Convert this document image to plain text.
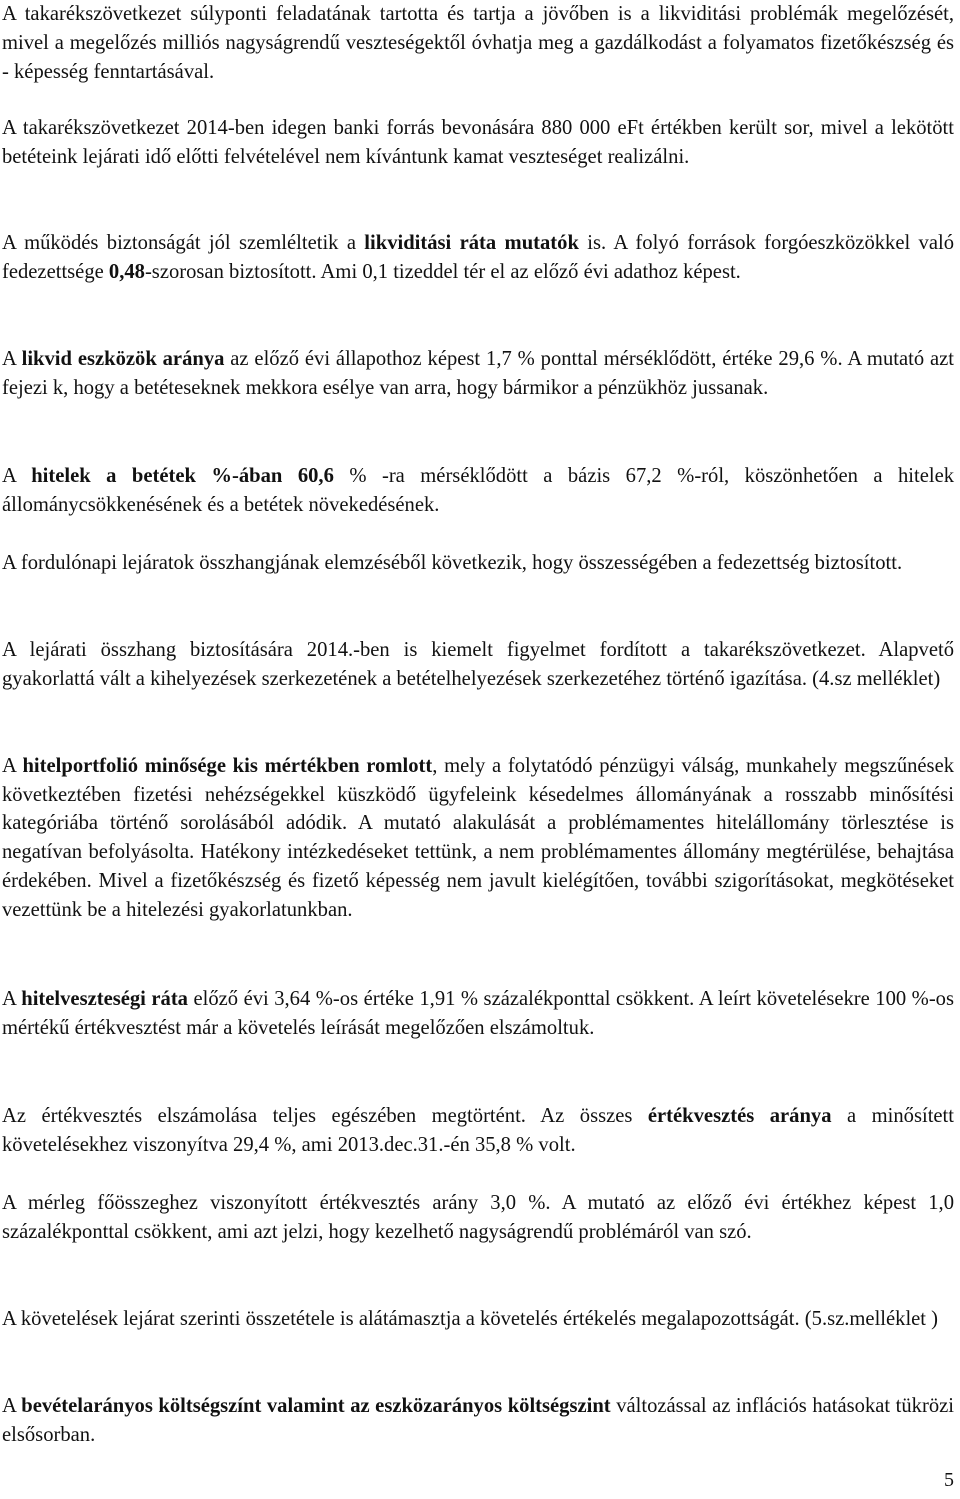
A takarékszövetkezet súlyponti feladatának tartotta és tartja a jövőben is a likviditási problémák megelőzését, mivel a megelőzés milliós nagyságrendű veszteségektől óvhatja meg a gazdálkodást a folyamatos fizetőkészség és - képesség fenntartásával.

A takarékszövetkezet 2014-ben idegen banki forrás bevonására 880 000 eFt értékben került sor, mivel a lekötött betéteink lejárati idő előtti felvételével nem kívántunk kamat veszteséget realizálni.

A működés biztonságát jól szemléltetik a likviditási ráta mutatók is. A folyó források forgóeszközökkel való fedezettsége 0,48-szorosan biztosított. Ami 0,1 tizeddel tér el az előző évi adathoz képest.

A likvid eszközök aránya az előző évi állapothoz képest 1,7 % ponttal mérséklődött, értéke 29,6 %. A mutató azt fejezi k, hogy a betéteseknek mekkora esélye van arra, hogy bármikor a pénzükhöz jussanak.

A hitelek a betétek %-ában 60,6 % -ra mérséklődött a bázis 67,2 %-ról, köszönhetően a hitelek állománycsökkenésének és a betétek növekedésének.

A fordulónapi lejáratok összhangjának elemzéséből következik, hogy összességében a fedezettség biztosított.

A lejárati összhang biztosítására 2014.-ben is kiemelt figyelmet fordított a takarékszövetkezet. Alapvető gyakorlattá vált a kihelyezések szerkezetének a betételhelyezések szerkezetéhez történő igazítása. (4.sz melléklet)

A hitelportfolió minősége kis mértékben romlott, mely a folytatódó pénzügyi válság, munkahely megszűnések következtében fizetési nehézségekkel küszködő ügyfeleink késedelmes állományának a rosszabb minősítési kategóriába történő sorolásából adódik. A mutató alakulását a problémamentes hitelállomány törlesztése is negatívan befolyásolta. Hatékony intézkedéseket tettünk, a nem problémamentes állomány megtérülése, behajtása érdekében. Mivel a fizetőkészség és fizető képesség nem javult kielégítően, további szigorításokat, megkötéseket vezettünk be a hitelezési gyakorlatunkban.

A hitelveszteségi ráta előző évi 3,64 %-os értéke 1,91 % százalékponttal csökkent. A leírt követelésekre 100 %-os mértékű értékvesztést már a követelés leírását megelőzően elszámoltuk.

Az értékvesztés elszámolása teljes egészében megtörtént. Az összes értékvesztés aránya a minősített követelésekhez viszonyítva 29,4 %, ami 2013.dec.31.-én 35,8 % volt.

A mérleg főösszeghez viszonyított értékvesztés arány 3,0 %. A mutató az előző évi értékhez képest 1,0 százalékponttal csökkent, ami azt jelzi, hogy kezelhető nagyságrendű problémáról van szó.

A követelések lejárat szerinti összetétele is alátámasztja a követelés értékelés megalapozottságát. (5.sz.melléklet )

A bevételarányos költségszínt valamint az eszközarányos költségszint változással az inflációs hatásokat tükrözi elsősorban.

5
